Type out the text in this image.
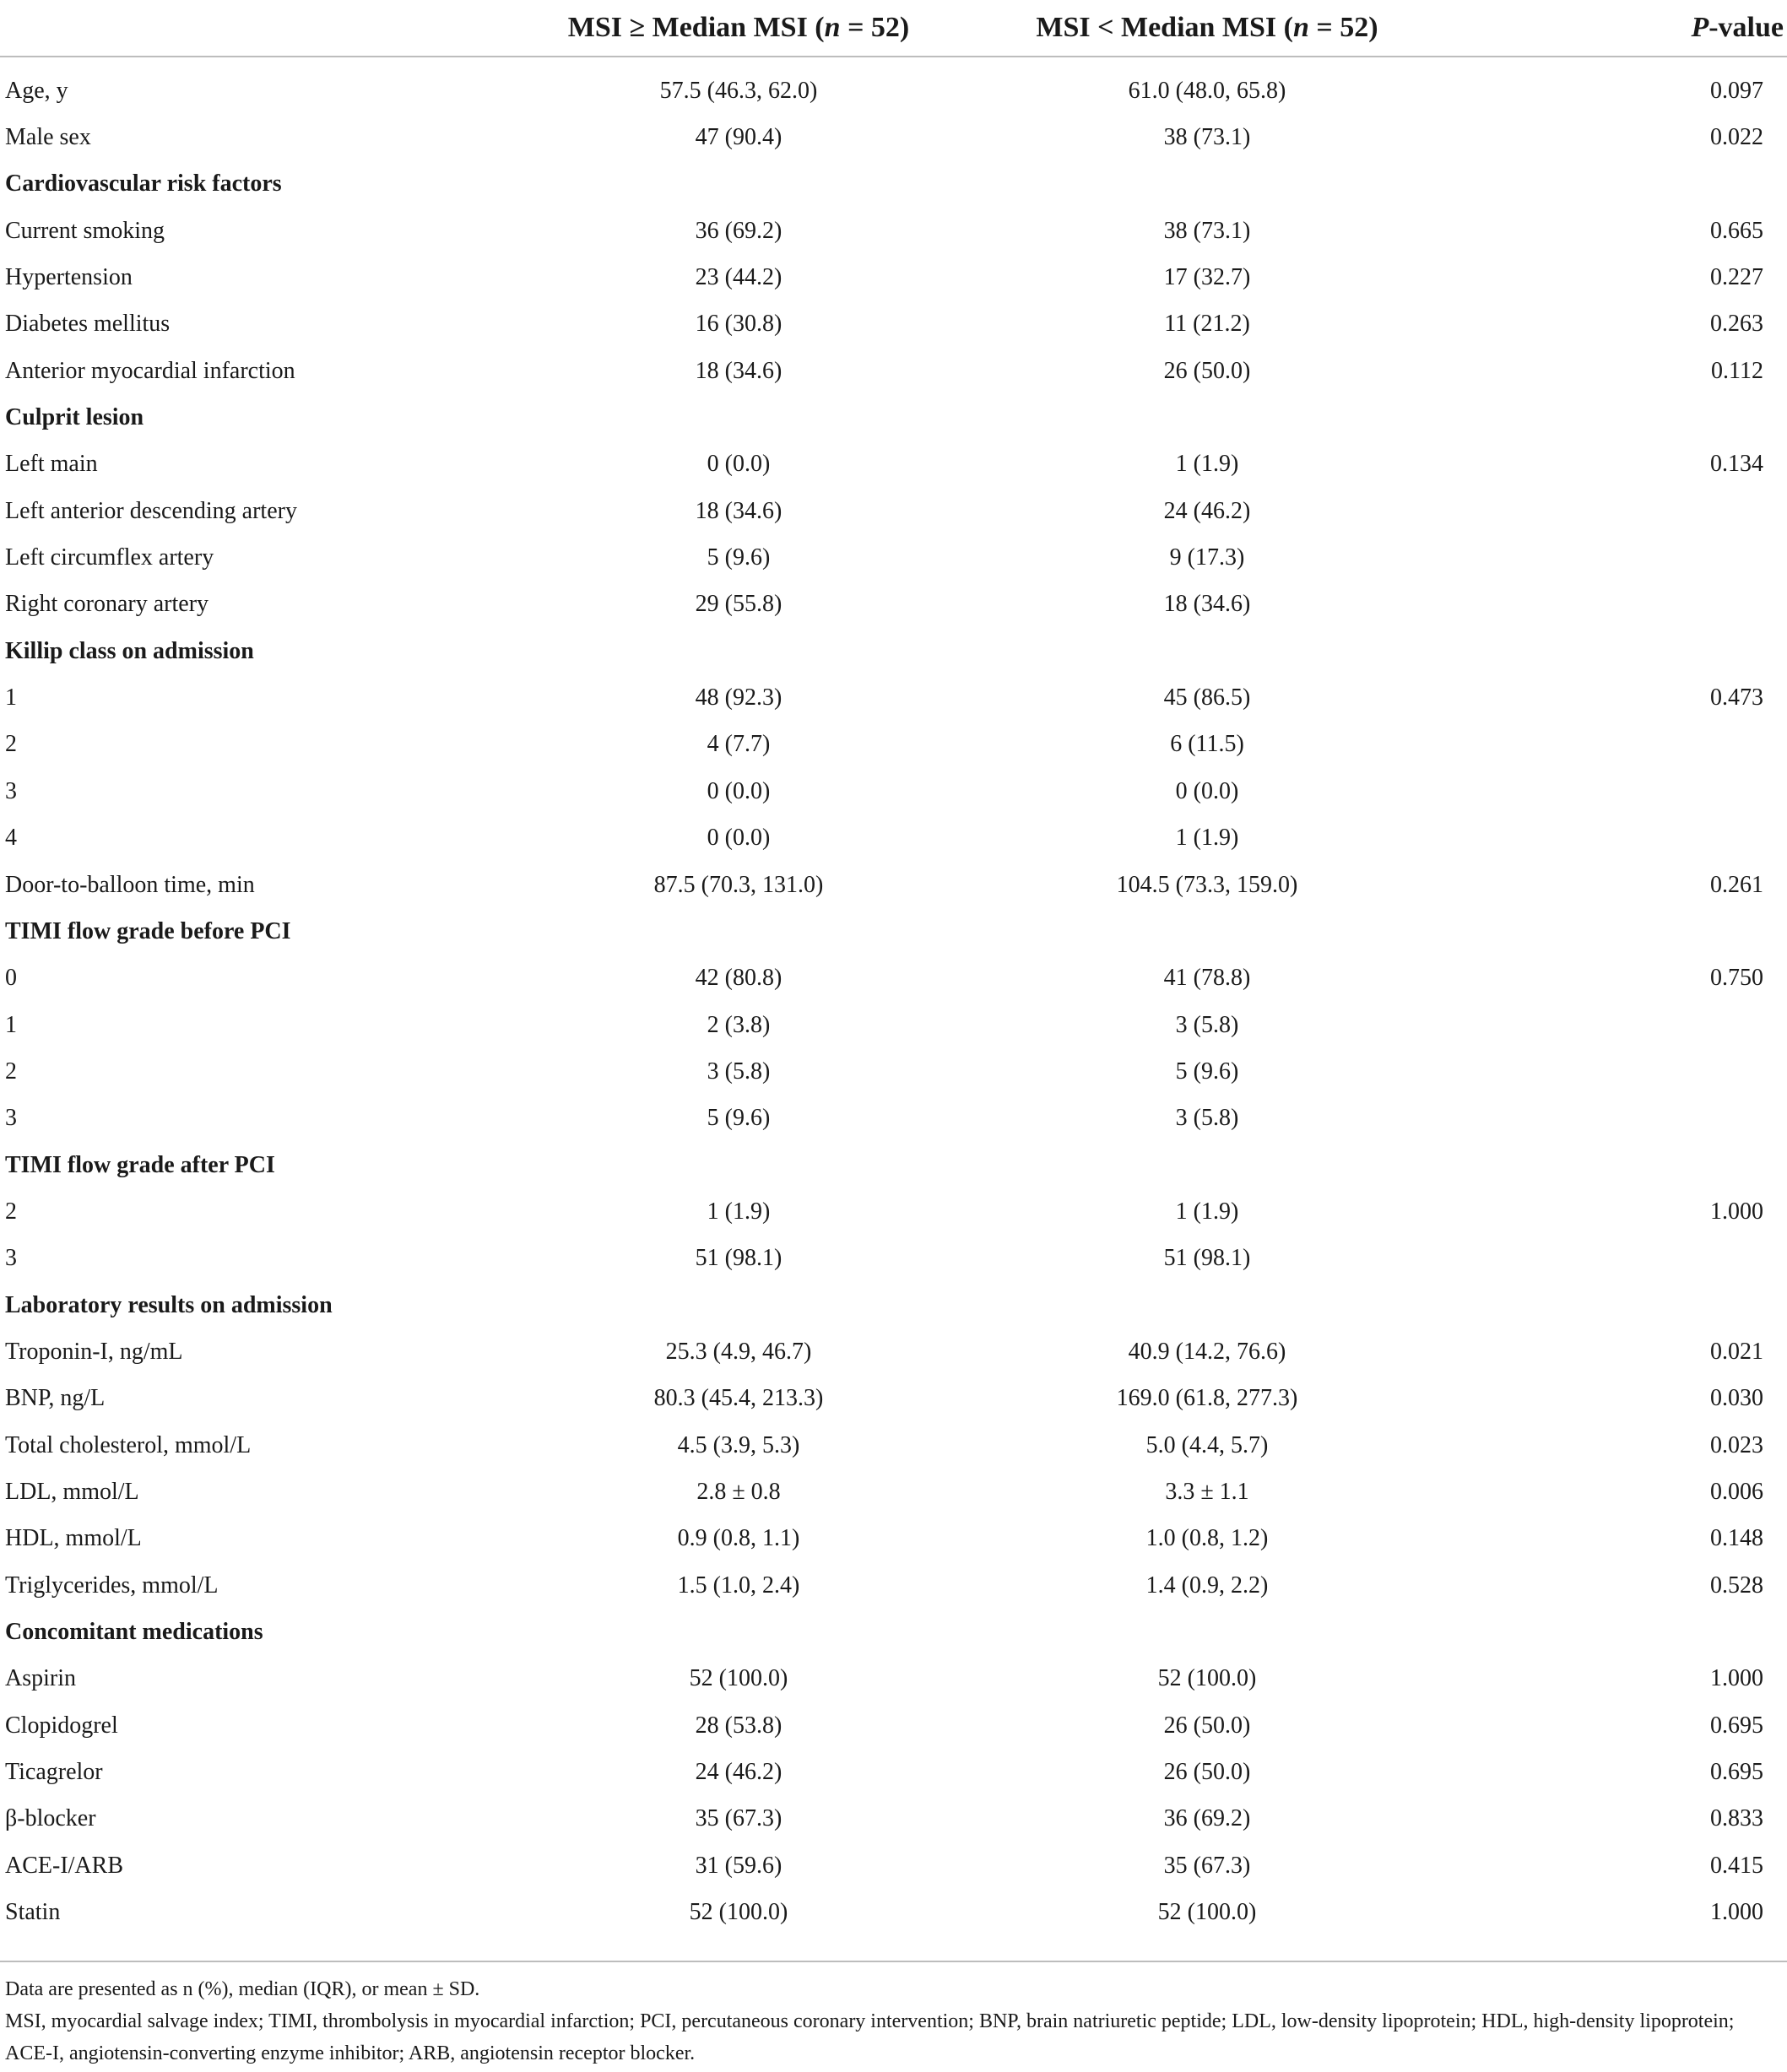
	MSI ≥ Median MSI (n = 52)	MSI < Median MSI (n = 52)	P-value
Age, y	57.5 (46.3, 62.0)	61.0 (48.0, 65.8)	0.097
Male sex	47 (90.4)	38 (73.1)	0.022
Cardiovascular risk factors			
Current smoking	36 (69.2)	38 (73.1)	0.665
Hypertension	23 (44.2)	17 (32.7)	0.227
Diabetes mellitus	16 (30.8)	11 (21.2)	0.263
Anterior myocardial infarction	18 (34.6)	26 (50.0)	0.112
Culprit lesion			
Left main	0 (0.0)	1 (1.9)	0.134
Left anterior descending artery	18 (34.6)	24 (46.2)	
Left circumflex artery	5 (9.6)	9 (17.3)	
Right coronary artery	29 (55.8)	18 (34.6)	
Killip class on admission			
1	48 (92.3)	45 (86.5)	0.473
2	4 (7.7)	6 (11.5)	
3	0 (0.0)	0 (0.0)	
4	0 (0.0)	1 (1.9)	
Door-to-balloon time, min	87.5 (70.3, 131.0)	104.5 (73.3, 159.0)	0.261
TIMI flow grade before PCI			
0	42 (80.8)	41 (78.8)	0.750
1	2 (3.8)	3 (5.8)	
2	3 (5.8)	5 (9.6)	
3	5 (9.6)	3 (5.8)	
TIMI flow grade after PCI			
2	1 (1.9)	1 (1.9)	1.000
3	51 (98.1)	51 (98.1)	
Laboratory results on admission			
Troponin-I, ng/mL	25.3 (4.9, 46.7)	40.9 (14.2, 76.6)	0.021
BNP, ng/L	80.3 (45.4, 213.3)	169.0 (61.8, 277.3)	0.030
Total cholesterol, mmol/L	4.5 (3.9, 5.3)	5.0 (4.4, 5.7)	0.023
LDL, mmol/L	2.8 ± 0.8	3.3 ± 1.1	0.006
HDL, mmol/L	0.9 (0.8, 1.1)	1.0 (0.8, 1.2)	0.148
Triglycerides, mmol/L	1.5 (1.0, 2.4)	1.4 (0.9, 2.2)	0.528
Concomitant medications			
Aspirin	52 (100.0)	52 (100.0)	1.000
Clopidogrel	28 (53.8)	26 (50.0)	0.695
Ticagrelor	24 (46.2)	26 (50.0)	0.695
β-blocker	35 (67.3)	36 (69.2)	0.833
ACE-I/ARB	31 (59.6)	35 (67.3)	0.415
Statin	52 (100.0)	52 (100.0)	1.000

Data are presented as n (%), median (IQR), or mean ± SD.

MSI, myocardial salvage index; TIMI, thrombolysis in myocardial infarction; PCI, percutaneous coronary intervention; BNP, brain natriuretic peptide; LDL, low-density lipoprotein; HDL, high-density lipoprotein; ACE-I, angiotensin-converting enzyme inhibitor; ARB, angiotensin receptor blocker.
